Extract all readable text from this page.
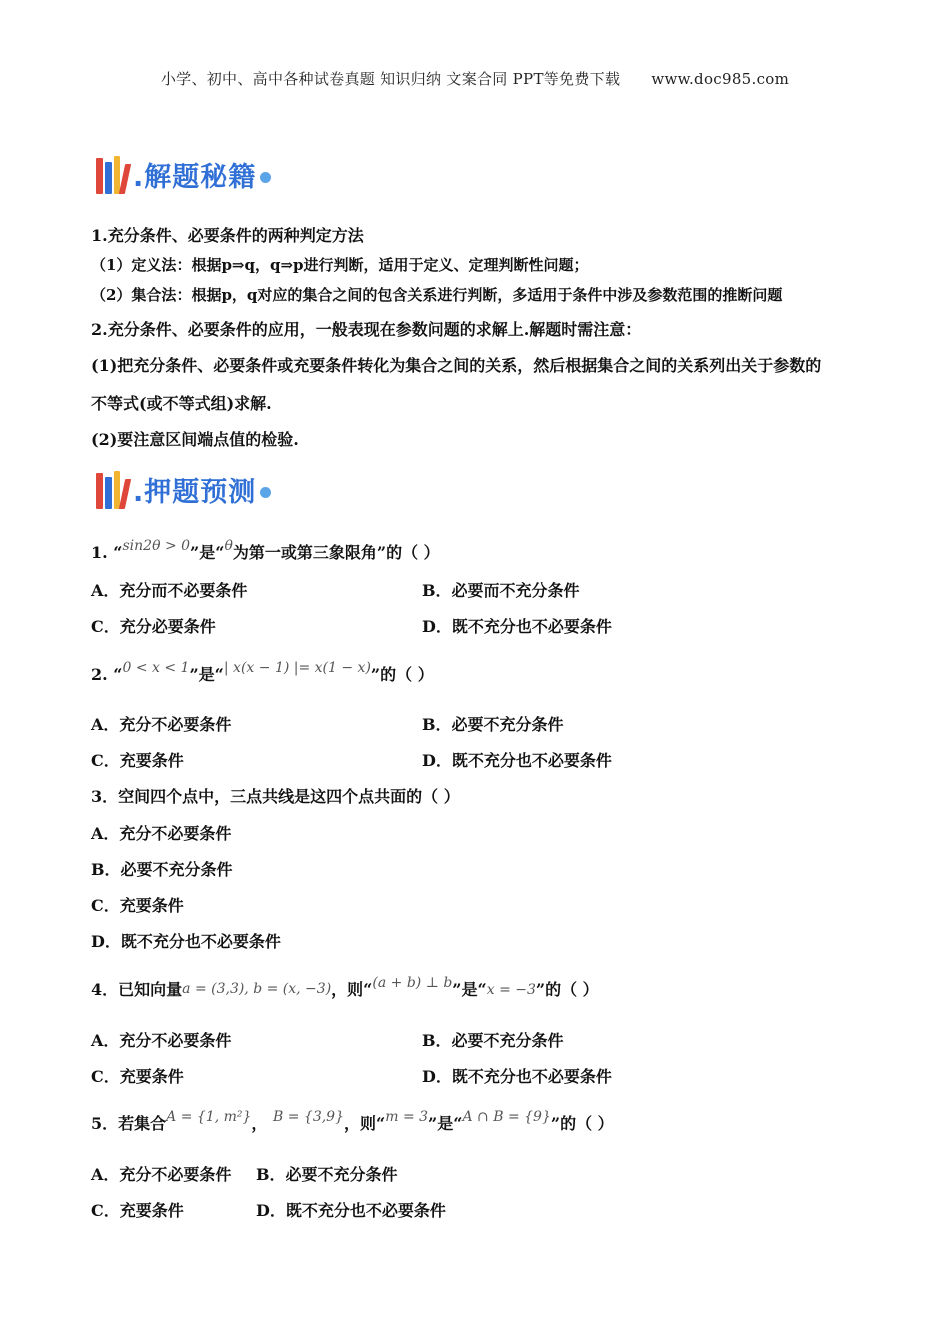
小学、初中、高中各种试卷真题 知识归纳 文案合同 PPT等免费下载 www.doc985.com
.解题秘籍
1.充分条件、必要条件的两种判定方法
（1）定义法：根据p⇒q，q⇒p进行判断，适用于定义、定理判断性问题；
（2）集合法：根据p，q对应的集合之间的包含关系进行判断，多适用于条件中涉及参数范围的推断问题
2.充分条件、必要条件的应用，一般表现在参数问题的求解上.解题时需注意：
(1)把充分条件、必要条件或充要条件转化为集合之间的关系，然后根据集合之间的关系列出关于参数的
不等式(或不等式组)求解.
(2)要注意区间端点值的检验.
.押题预测
1. “sin2θ > 0”是“θ为第一或第三象限角”的（ ）
A．充分而不必要条件	B．必要而不充分条件
C．充分必要条件	D．既不充分也不必要条件
2. “0 < x < 1”是“| x(x − 1) |= x(1 − x)”的（ ）
A．充分不必要条件	B．必要不充分条件
C．充要条件	D．既不充分也不必要条件
3．空间四个点中，三点共线是这四个点共面的（ ）
A．充分不必要条件
B．必要不充分条件
C．充要条件
D．既不充分也不必要条件
4．已知向量a = (3,3), b = (x, −3)，则“(a + b) ⊥ b”是“x = −3”的（ ）
A．充分不必要条件	B．必要不充分条件
C．充要条件	D．既不充分也不必要条件
5．若集合A = {1, m²}， B = {3,9}，则“m = 3”是“A ∩ B = {9}”的（ ）
A．充分不必要条件 B．必要不充分条件
C．充要条件	D．既不充分也不必要条件
